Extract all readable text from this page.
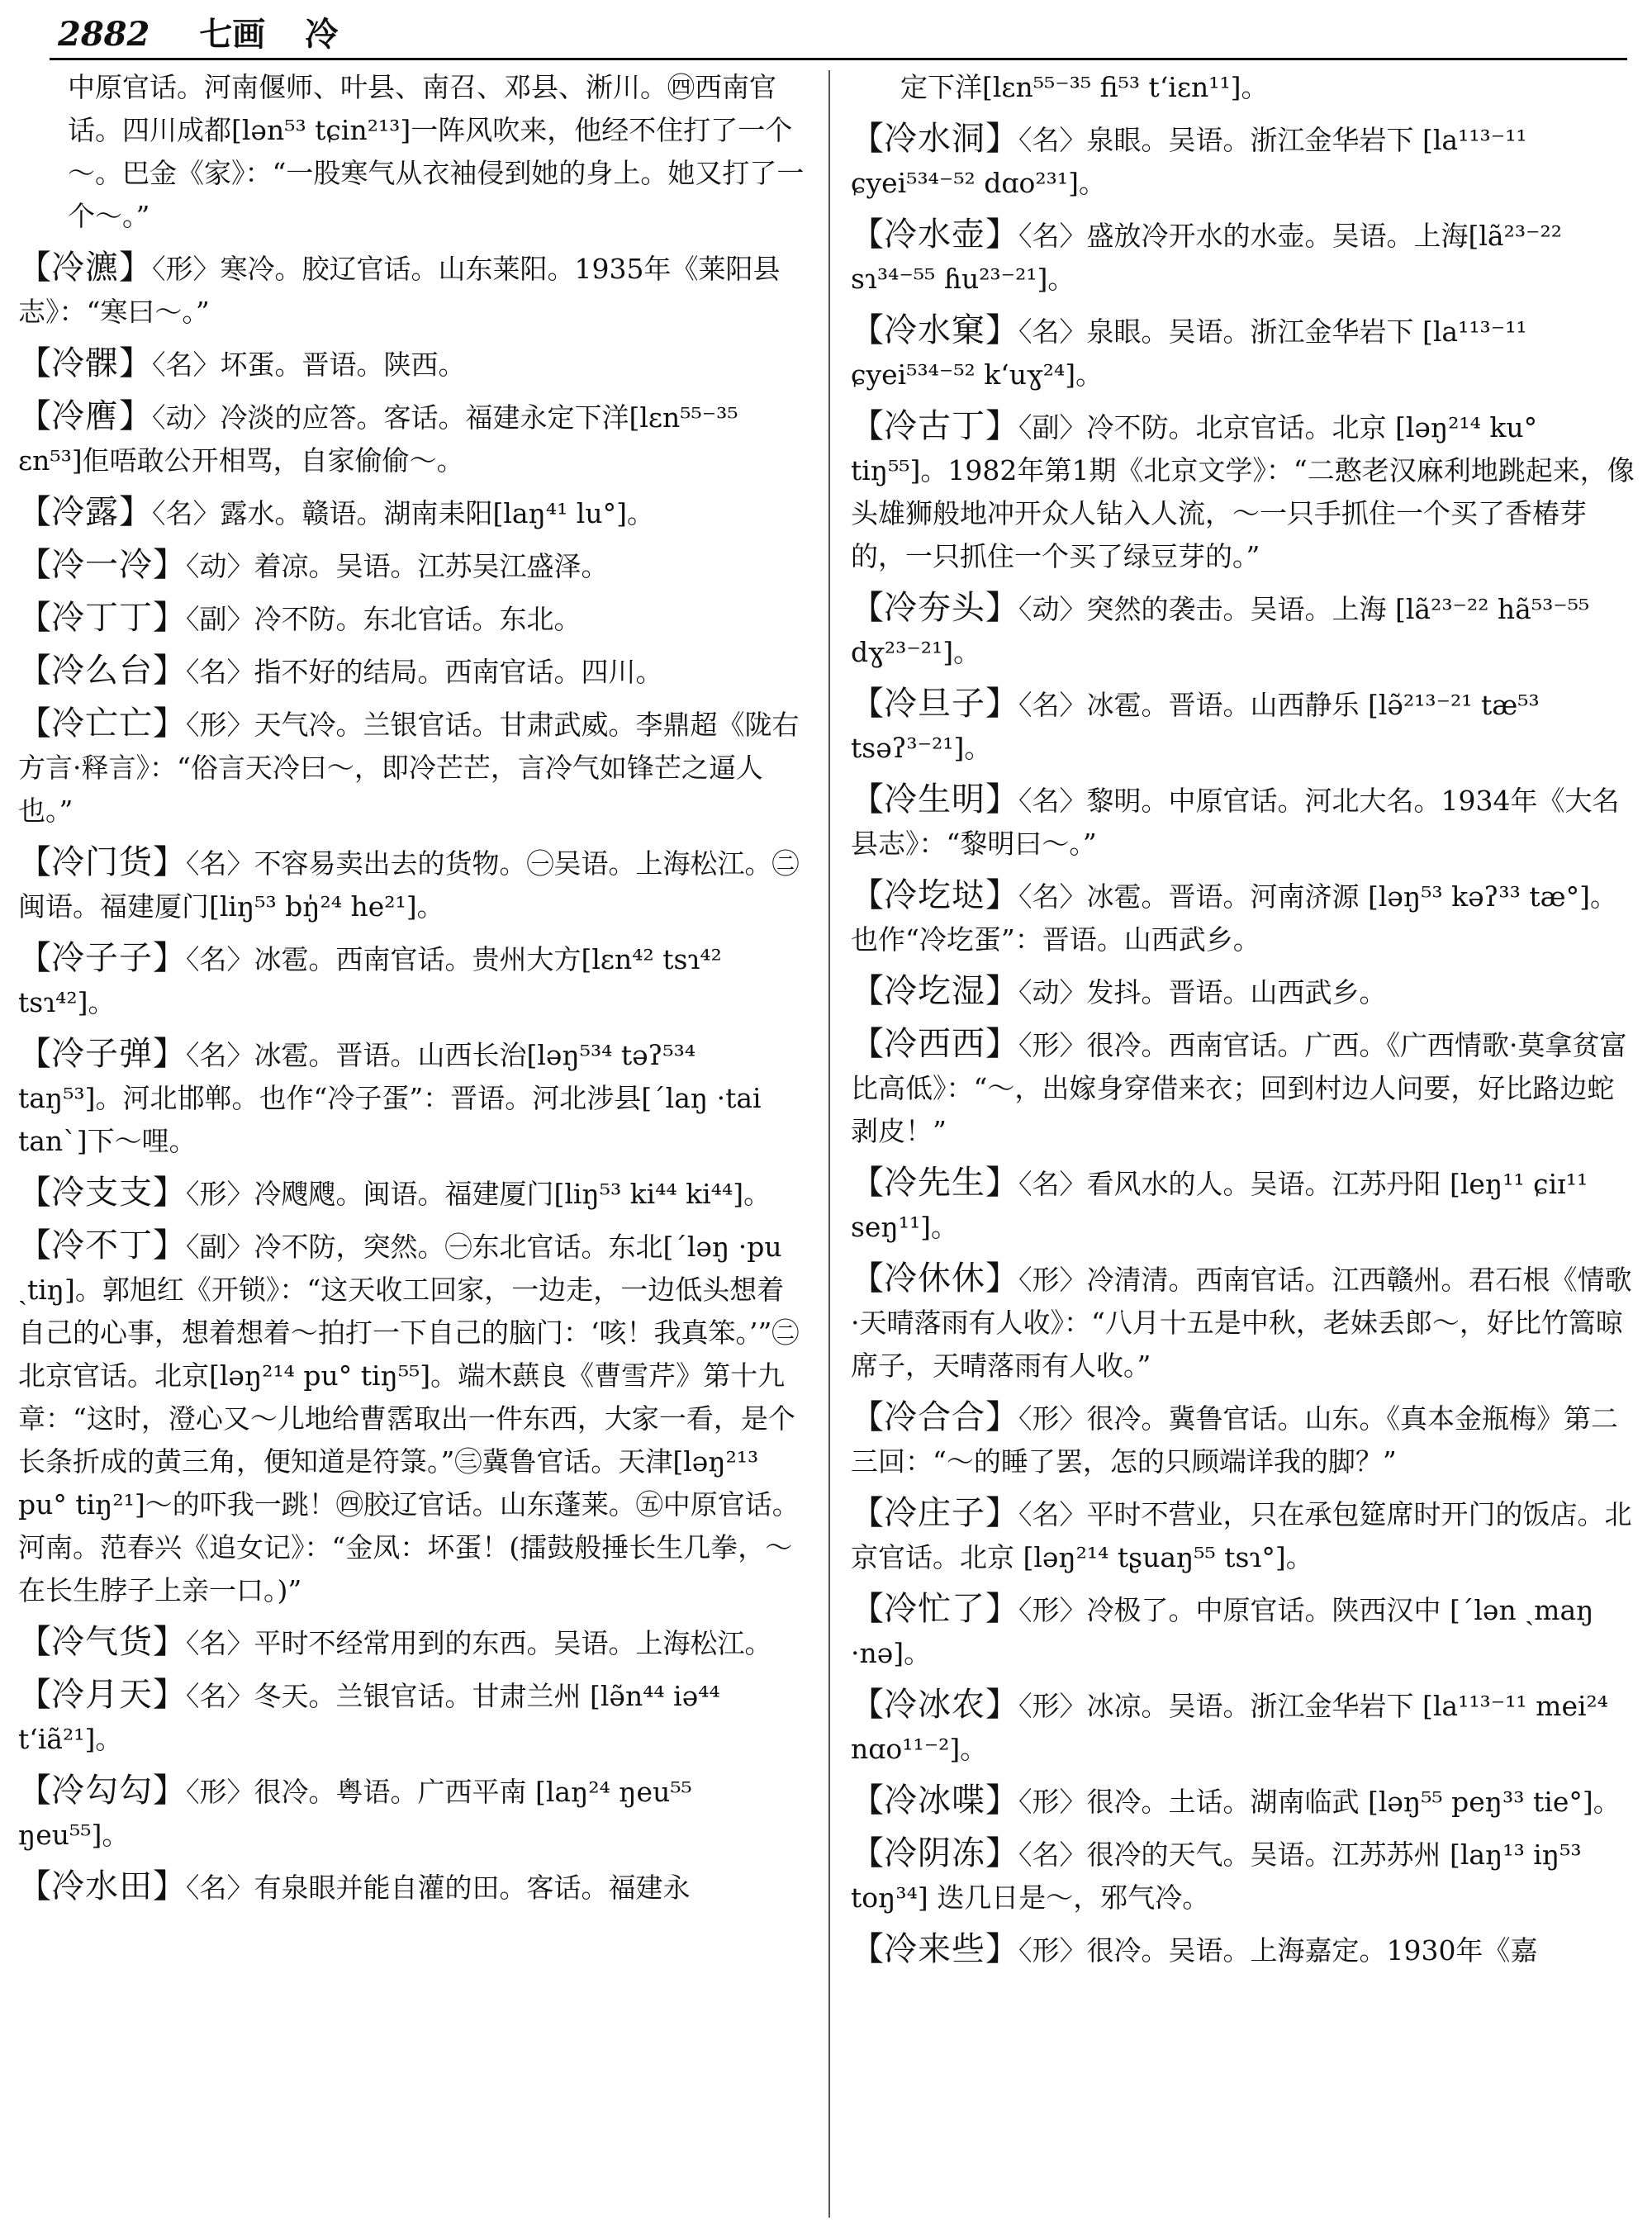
2882 七画 冷
中原官话。河南偃师、叶县、南召、邓县、淅川。㊃西南官话。四川成都[lən⁵³ tɕin²¹³]一阵风吹来，他经不住打了一个～。巴金《家》：“一股寒气从衣袖侵到她的身上。她又打了一个～。”
【冷瀌】〈形〉寒冷。胶辽官话。山东莱阳。1935年《莱阳县志》：“寒曰～。”
【冷髁】〈名〉坏蛋。晋语。陕西。
【冷噟】〈动〉冷淡的应答。客话。福建永定下洋[lɛn⁵⁵⁻³⁵ ɛn⁵³]佢唔敢公开相骂，自家偷偷～。
【冷露】〈名〉露水。赣语。湖南耒阳[laŋ⁴¹ lu°]。
【冷一冷】〈动〉着凉。吴语。江苏吴江盛泽。
【冷丁丁】〈副〉冷不防。东北官话。东北。
【冷么台】〈名〉指不好的结局。西南官话。四川。
【冷亡亡】〈形〉天气冷。兰银官话。甘肃武威。李鼎超《陇右方言·释言》：“俗言天冷曰～，即冷芒芒，言冷气如锋芒之逼人也。”
【冷门货】〈名〉不容易卖出去的货物。㊀吴语。上海松江。㊁闽语。福建厦门[liŋ⁵³ bŋ̍²⁴ he²¹]。
【冷子子】〈名〉冰雹。西南官话。贵州大方[lɛn⁴² tsɿ⁴² tsɿ⁴²]。
【冷子弹】〈名〉冰雹。晋语。山西长治[ləŋ⁵³⁴ təʔ⁵³⁴ taŋ⁵³]。河北邯郸。也作“冷子蛋”：晋语。河北涉县[ˊlaŋ ·tai tanˋ]下～哩。
【冷支支】〈形〉冷飕飕。闽语。福建厦门[liŋ⁵³ ki⁴⁴ ki⁴⁴]。
【冷不丁】〈副〉冷不防，突然。㊀东北官话。东北[ˊləŋ ·pu ˎtiŋ]。郭旭红《开锁》：“这天收工回家，一边走，一边低头想着自己的心事，想着想着～拍打一下自己的脑门：‘咳！我真笨。’”㊁北京官话。北京[ləŋ²¹⁴ pu° tiŋ⁵⁵]。端木蕻良《曹雪芹》第十九章：“这时，澄心又～儿地给曹霑取出一件东西，大家一看，是个长条折成的黄三角，便知道是符箓。”㊂冀鲁官话。天津[ləŋ²¹³ pu° tiŋ²¹]～的吓我一跳！㊃胶辽官话。山东蓬莱。㊄中原官话。河南。范春兴《追女记》：“金凤：坏蛋！(擂鼓般捶长生几拳，～在长生脖子上亲一口。)”
【冷气货】〈名〉平时不经常用到的东西。吴语。上海松江。
【冷月天】〈名〉冬天。兰银官话。甘肃兰州 [lə̃n⁴⁴ iə⁴⁴ tʻiã²¹]。
【冷勾勾】〈形〉很冷。粤语。广西平南 [laŋ²⁴ ŋeu⁵⁵ ŋeu⁵⁵]。
【冷水田】〈名〉有泉眼并能自灌的田。客话。福建永
定下洋[lɛn⁵⁵⁻³⁵ fi⁵³ tʻiɛn¹¹]。
【冷水洞】〈名〉泉眼。吴语。浙江金华岩下 [la¹¹³⁻¹¹ ɕyei⁵³⁴⁻⁵² dɑo²³¹]。
【冷水壶】〈名〉盛放冷开水的水壶。吴语。上海[lã²³⁻²² sɿ³⁴⁻⁵⁵ ɦu²³⁻²¹]。
【冷水窠】〈名〉泉眼。吴语。浙江金华岩下 [la¹¹³⁻¹¹ ɕyei⁵³⁴⁻⁵² kʻuɣ²⁴]。
【冷古丁】〈副〉冷不防。北京官话。北京 [ləŋ²¹⁴ ku° tiŋ⁵⁵]。1982年第1期《北京文学》：“二憨老汉麻利地跳起来，像头雄狮般地冲开众人钻入人流，～一只手抓住一个买了香椿芽的，一只抓住一个买了绿豆芽的。”
【冷夯头】〈动〉突然的袭击。吴语。上海 [lã²³⁻²² hã⁵³⁻⁵⁵ dɣ²³⁻²¹]。
【冷旦子】〈名〉冰雹。晋语。山西静乐 [lə̃²¹³⁻²¹ tæ⁵³ tsəʔ³⁻²¹]。
【冷生明】〈名〉黎明。中原官话。河北大名。1934年《大名县志》：“黎明曰～。”
【冷圪垯】〈名〉冰雹。晋语。河南济源 [ləŋ⁵³ kəʔ³³ tæ°]。也作“冷圪蛋”：晋语。山西武乡。
【冷圪湿】〈动〉发抖。晋语。山西武乡。
【冷西西】〈形〉很冷。西南官话。广西。《广西情歌·莫拿贫富比高低》：“～，出嫁身穿借来衣；回到村边人问要，好比路边蛇剥皮！”
【冷先生】〈名〉看风水的人。吴语。江苏丹阳 [leŋ¹¹ ɕiɪ¹¹ seŋ¹¹]。
【冷休休】〈形〉冷清清。西南官话。江西赣州。君石根《情歌·天晴落雨有人收》：“八月十五是中秋，老妹丢郎～，好比竹篙晾席子，天晴落雨有人收。”
【冷合合】〈形〉很冷。冀鲁官话。山东。《真本金瓶梅》第二三回：“～的睡了罢，怎的只顾端详我的脚？”
【冷庄子】〈名〉平时不营业，只在承包筵席时开门的饭店。北京官话。北京 [ləŋ²¹⁴ tʂuaŋ⁵⁵ tsɿ°]。
【冷忙了】〈形〉冷极了。中原官话。陕西汉中 [ˊlən ˎmaŋ ·nə]。
【冷冰农】〈形〉冰凉。吴语。浙江金华岩下 [la¹¹³⁻¹¹ mei²⁴ nɑo¹¹⁻²]。
【冷冰喋】〈形〉很冷。土话。湖南临武 [ləŋ⁵⁵ peŋ³³ tie°]。
【冷阴冻】〈名〉很冷的天气。吴语。江苏苏州 [laŋ¹³ iŋ⁵³ toŋ³⁴] 迭几日是～，邪气冷。
【冷来些】〈形〉很冷。吴语。上海嘉定。1930年《嘉
